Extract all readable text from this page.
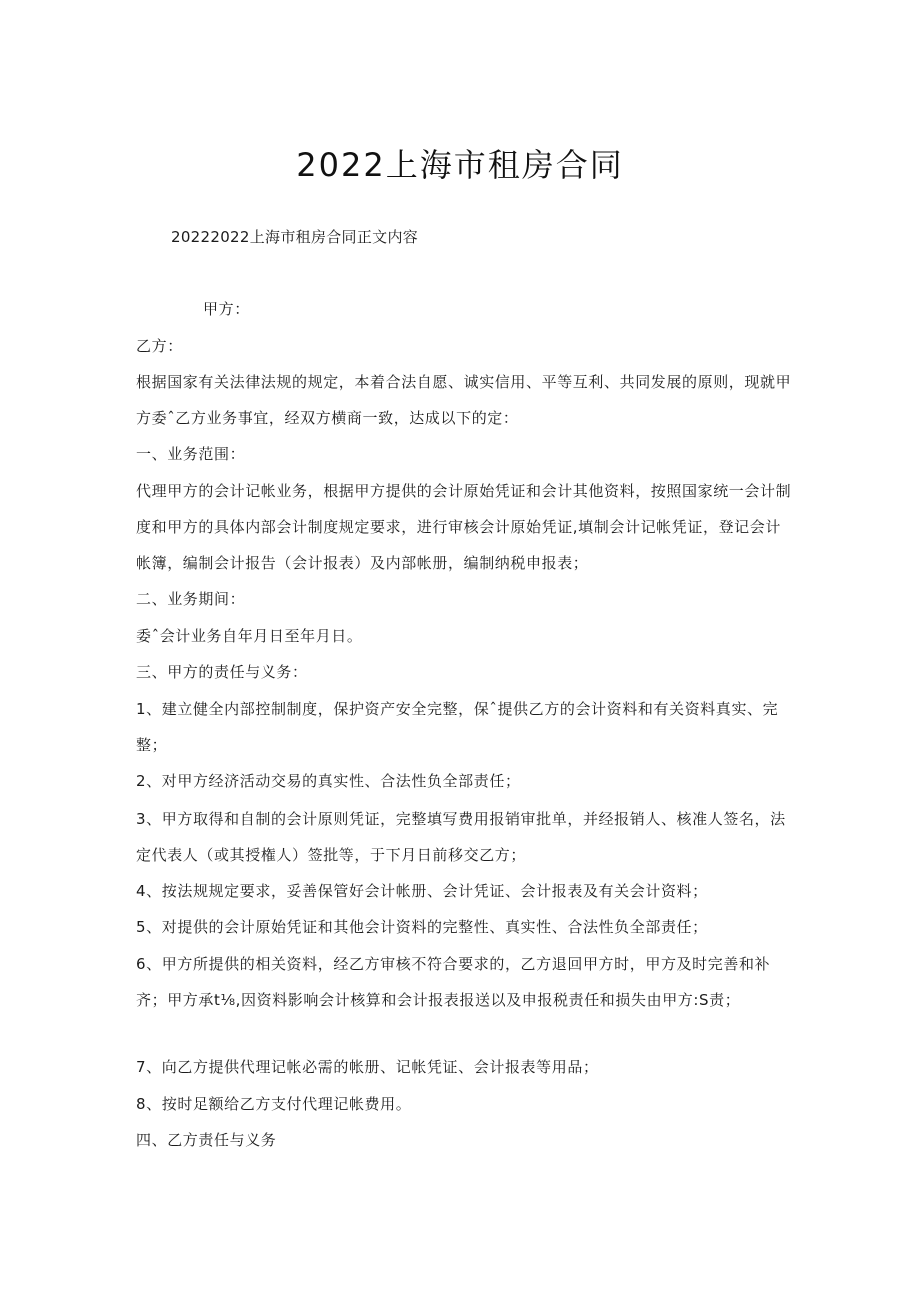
2022上海市租房合同
20222022上海市租房合同正文内容
甲方：
乙方：
根据国家有关法律法规的规定，本着合法自愿、诚实信用、平等互利、共同发展的原则，现就甲
方委ˆ乙方业务事宜，经双方横商一致，达成以下的定：
一、业务范围：
代理甲方的会计记帐业务，根据甲方提供的会计原始凭证和会计其他资料，按照国家统一会计制
度和甲方的具体内部会计制度规定要求，进行审核会计原始凭证,填制会计记帐凭证，登记会计
帐簿，编制会计报告（会计报表）及内部帐册，编制纳税申报表；
二、业务期间：
委ˆ会计业务自年月日至年月日。
三、甲方的责任与义务：
1、建立健全内部控制制度，保护资产安全完整，保ˆ提供乙方的会计资料和有关资料真实、完
整；
2、对甲方经济活动交易的真实性、合法性负全部责任；
3、甲方取得和自制的会计原则凭证，完整填写费用报销审批单，并经报销人、核准人签名，法
定代表人（或其授権人）签批等，于下月日前移交乙方；
4、按法规规定要求，妥善保管好会计帐册、会计凭证、会计报表及有关会计资料；
5、对提供的会计原始凭证和其他会计资料的完整性、真实性、合法性负全部责任；
6、甲方所提供的相关资料，经乙方审核不符合要求的，乙方退回甲方时，甲方及时完善和补
齐；甲方承t⅛,因资料影响会计核算和会计报表报送以及申报税责任和损失由甲方:S责；
7、向乙方提供代理记帐必需的帐册、记帐凭证、会计报表等用品；
8、按时足额给乙方支付代理记帐费用。
四、乙方责任与义务
